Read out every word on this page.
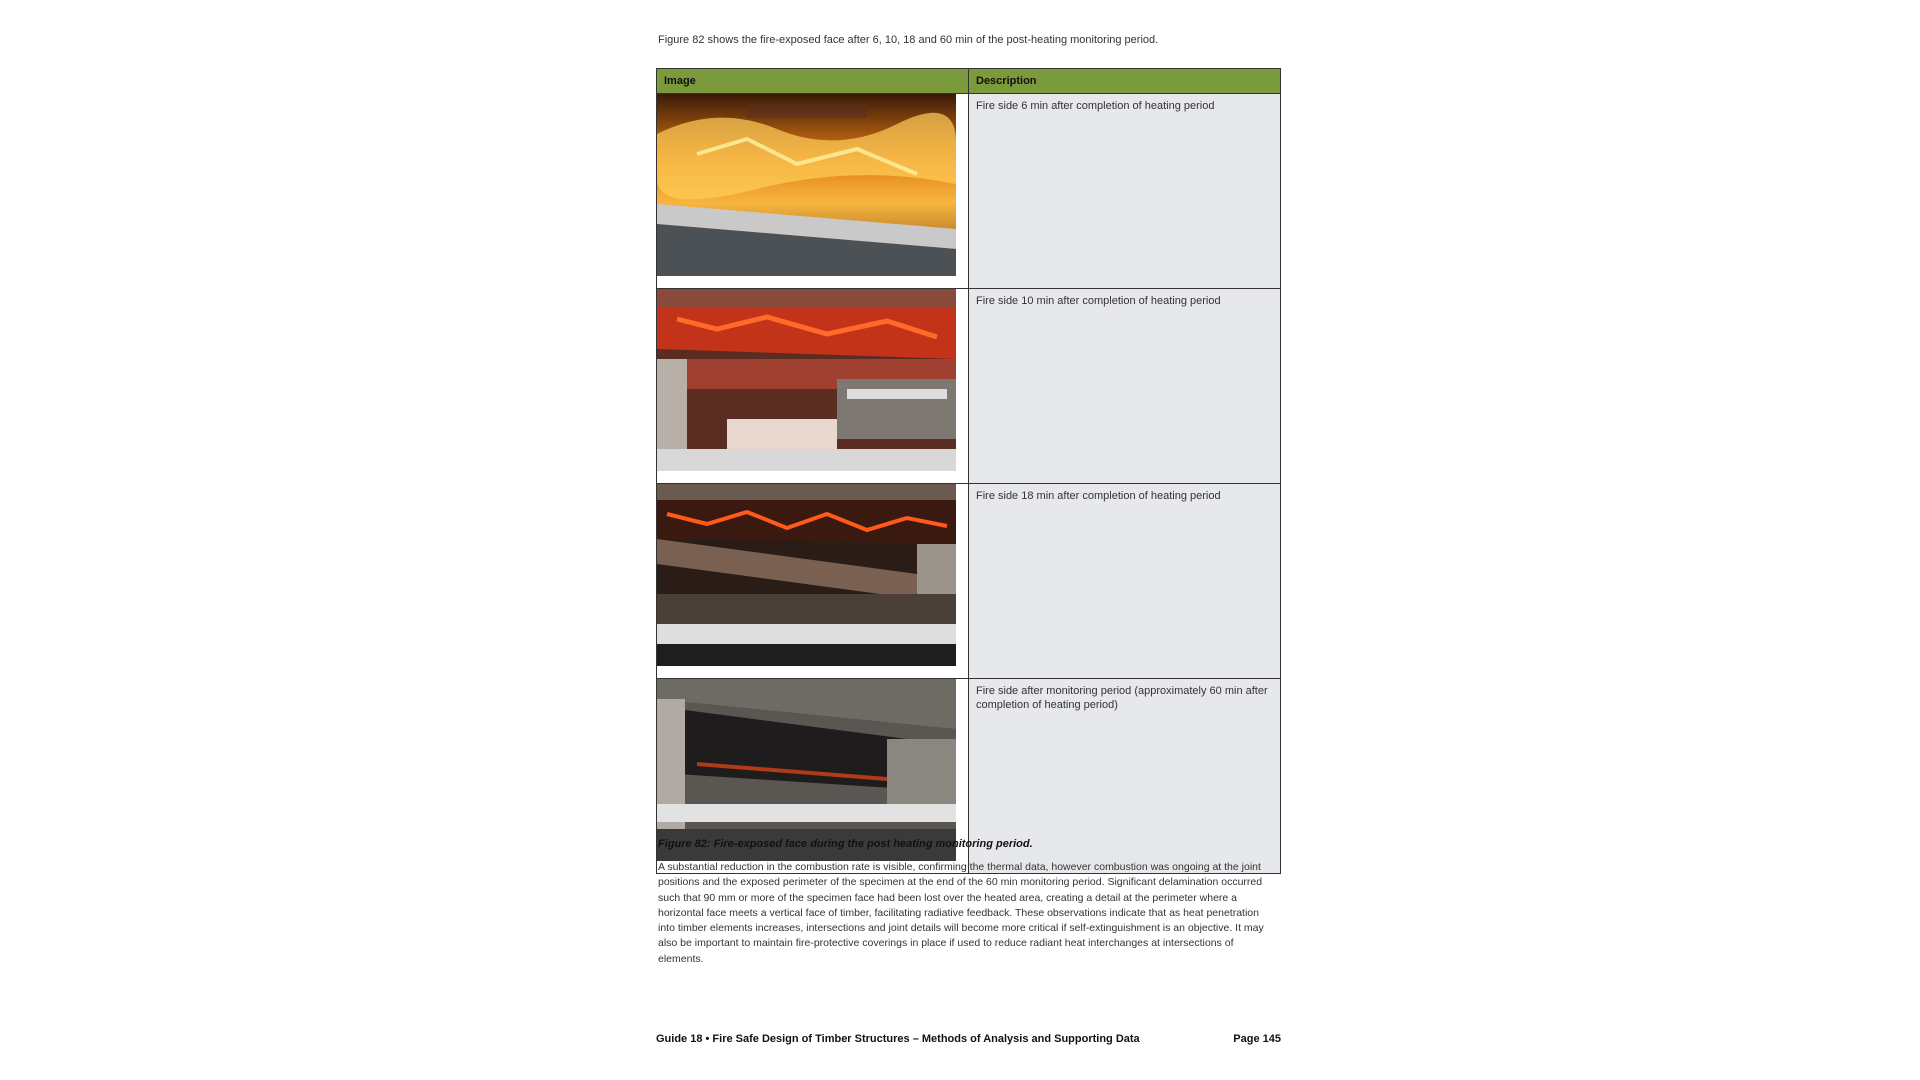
Figure 82 shows the fire-exposed face after 6, 10, 18 and 60 min of the post-heating monitoring period.
Image	Description

	Fire side 6 min after completion of heating period

	Fire side 10 min after completion of heating period

	Fire side 18 min after completion of heating period

	Fire side after monitoring period (approximately 60 min after completion of heating period)
Figure 82: Fire-exposed face during the post heating monitoring period.
A substantial reduction in the combustion rate is visible, confirming the thermal data, however combustion was ongoing at the joint positions and the exposed perimeter of the specimen at the end of the 60 min monitoring period. Significant delamination occurred such that 90 mm or more of the specimen face had been lost over the heated area, creating a detail at the perimeter where a horizontal face meets a vertical face of timber, facilitating radiative feedback. These observations indicate that as heat penetration into timber elements increases, intersections and joint details will become more critical if self-extinguishment is an objective. It may also be important to maintain fire-protective coverings in place if used to reduce radiant heat interchanges at intersections of elements.
Guide 18 • Fire Safe Design of Timber Structures – Methods of Analysis and Supporting Data	Page 145
